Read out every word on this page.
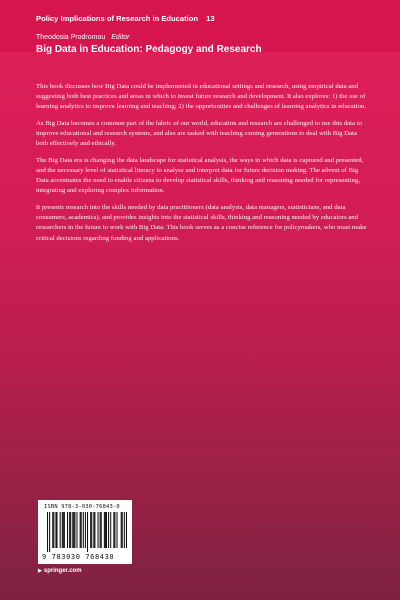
Policy Implications of Research in Education 13
Theodosia Prodromou Editor
Big Data in Education: Pedagogy and Research

This book discusses how Big Data could be implemented in educational settings and research, using empirical data and suggesting both best practices and areas in which to invest future research and development. It also explores: 1) the use of learning analytics to improve learning and teaching; 2) the opportunities and challenges of learning analytics in education.

As Big Data becomes a common part of the fabric of our world, education and research are challenged to use this data to improve educational and research systems, and also are tasked with teaching coming generations to deal with Big Data both effectively and ethically.

The Big Data era is changing the data landscape for statistical analysis, the ways in which data is captured and presented, and the necessary level of statistical literacy to analyse and interpret data for future decision making. The advent of Big Data accentuates the need to enable citizens to develop statistical skills, thinking and reasoning needed for representing, integrating and exploring complex information.

It presents research into the skills needed by data practitioners (data analysts, data managers, statisticians, and data consumers, academics), and provides insights into the statistical skills, thinking and reasoning needed by educators and researchers in the future to work with Big Data. This book serves as a concise reference for policymakers, who must make critical decisions regarding funding and applications.

ISBN 978-3-030-76843-0
9 783030 768430
▶ springer.com
